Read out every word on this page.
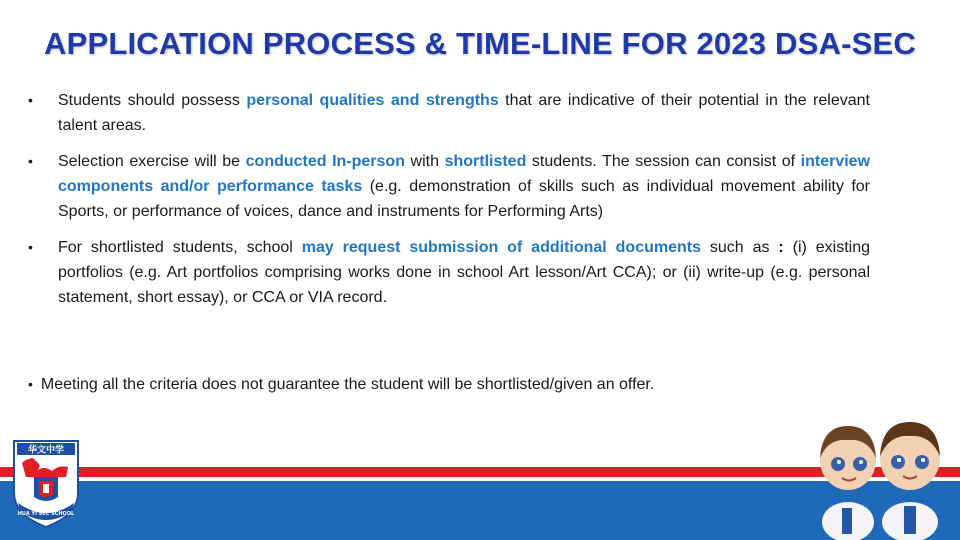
APPLICATION PROCESS & TIME-LINE FOR 2023 DSA-SEC
•	Students should possess personal qualities and strengths that are indicative of their potential in the relevant talent areas.
•	Selection exercise will be conducted In-person with shortlisted students. The session can consist of interview components and/or performance tasks (e.g. demonstration of skills such as individual movement ability for Sports, or performance of voices, dance and instruments for Performing Arts)
•	For shortlisted students, school may request submission of additional documents such as : (i) existing portfolios (e.g. Art portfolios comprising works done in school Art lesson/Art CCA); or (ii) write-up (e.g. personal statement, short essay), or CCA or VIA record.
• Meeting all the criteria does not guarantee the student will be shortlisted/given an offer.
华文中学
HUA YI SEC SCHOOL
